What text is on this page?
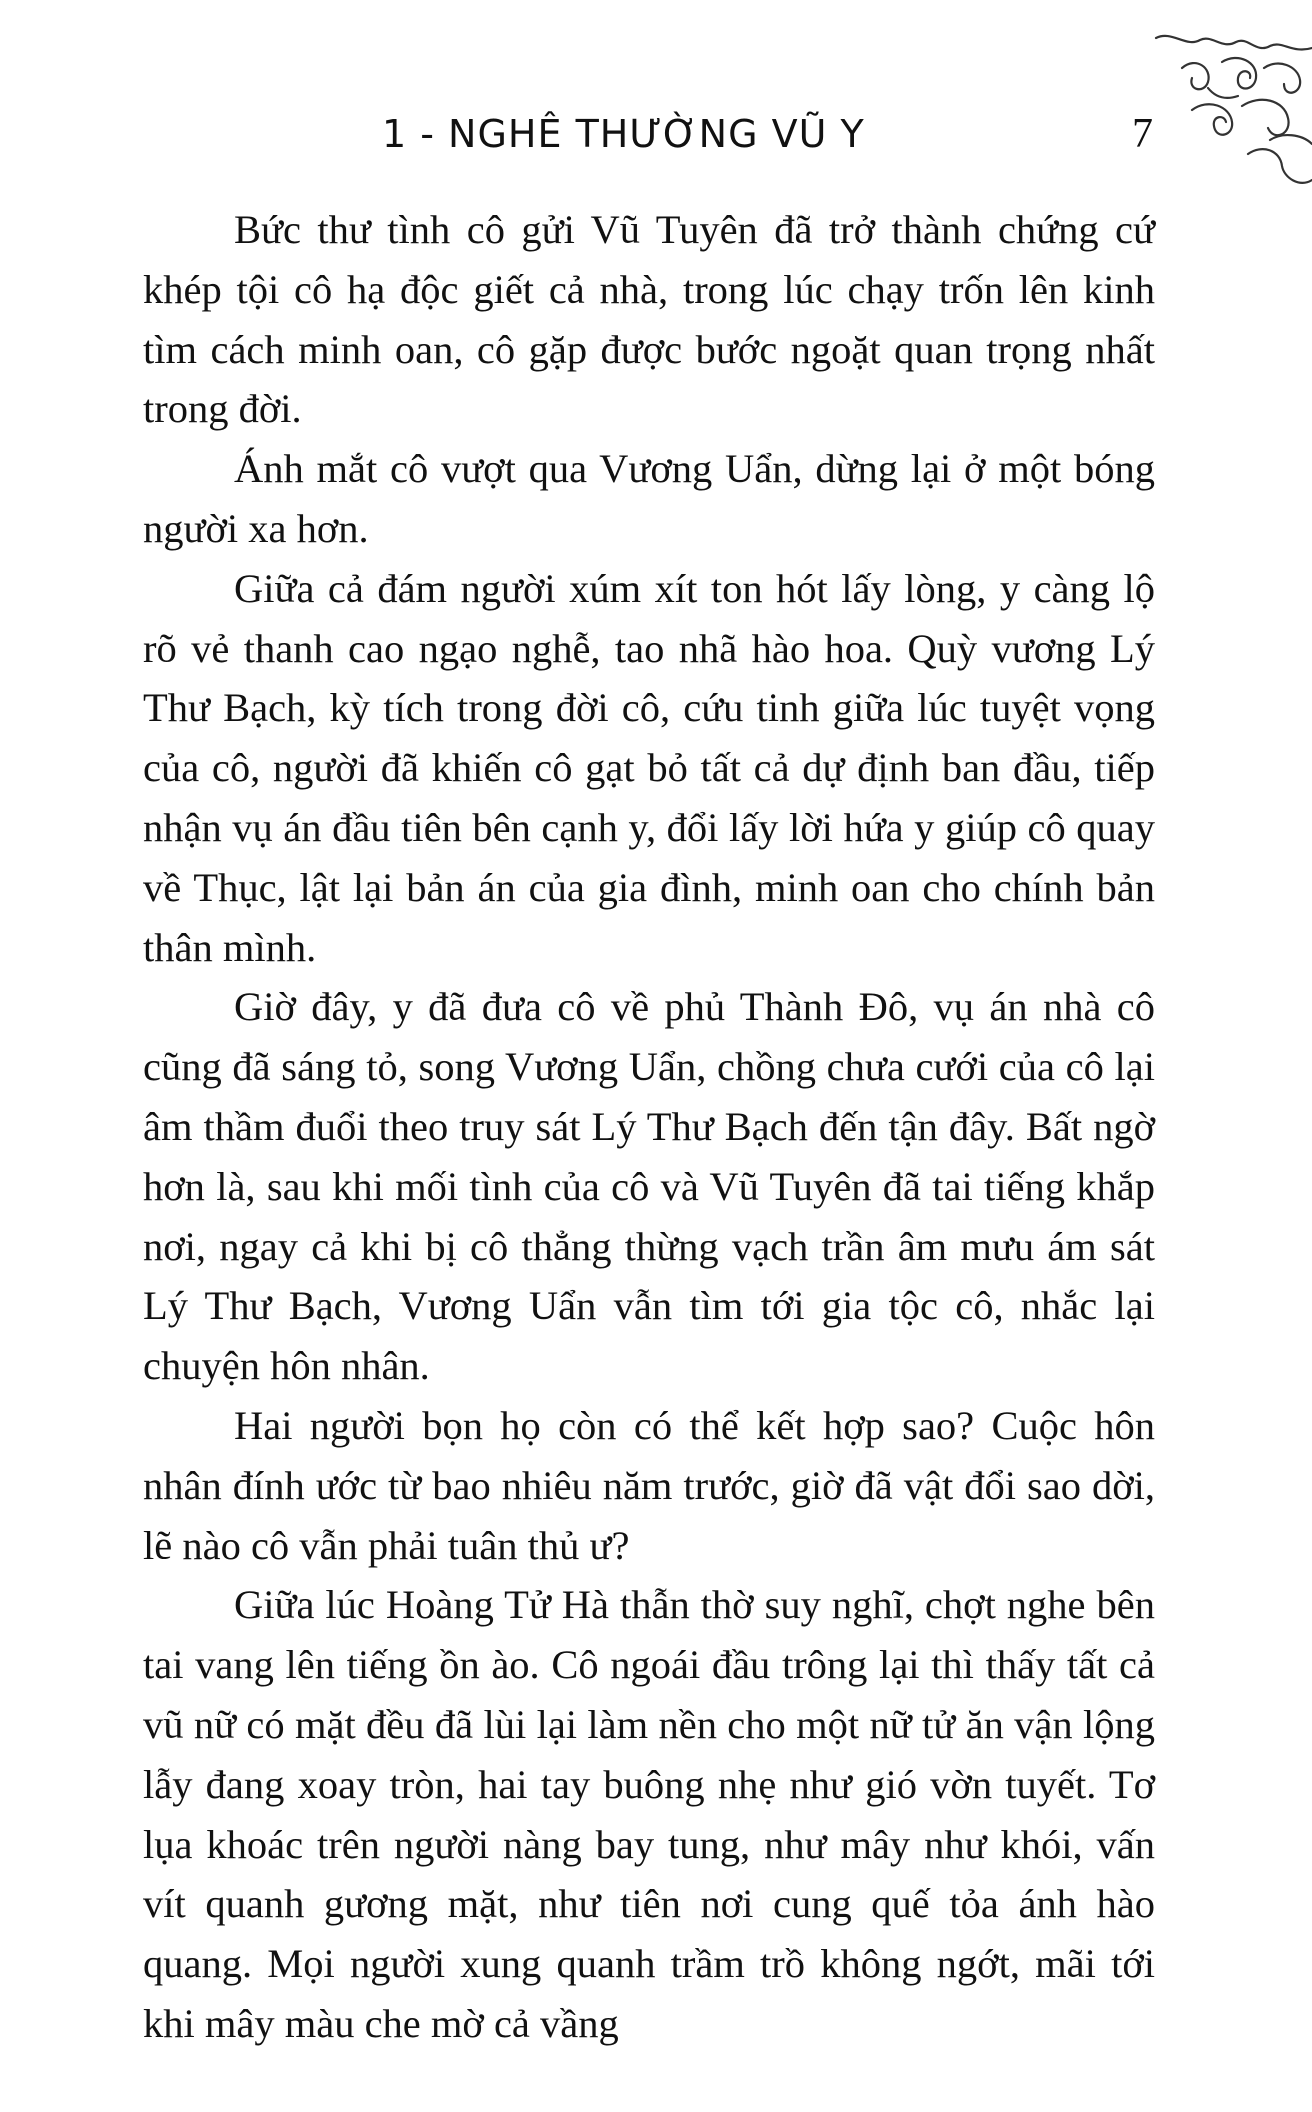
1 - NGHÊ THƯỜNG VŨ Y	7

Bức thư tình cô gửi Vũ Tuyên đã trở thành chứng cứ khép tội cô hạ độc giết cả nhà, trong lúc chạy trốn lên kinh tìm cách minh oan, cô gặp được bước ngoặt quan trọng nhất trong đời.

Ánh mắt cô vượt qua Vương Uẩn, dừng lại ở một bóng người xa hơn.

Giữa cả đám người xúm xít ton hót lấy lòng, y càng lộ rõ vẻ thanh cao ngạo nghễ, tao nhã hào hoa. Quỳ vương Lý Thư Bạch, kỳ tích trong đời cô, cứu tinh giữa lúc tuyệt vọng của cô, người đã khiến cô gạt bỏ tất cả dự định ban đầu, tiếp nhận vụ án đầu tiên bên cạnh y, đổi lấy lời hứa y giúp cô quay về Thục, lật lại bản án của gia đình, minh oan cho chính bản thân mình.

Giờ đây, y đã đưa cô về phủ Thành Đô, vụ án nhà cô cũng đã sáng tỏ, song Vương Uẩn, chồng chưa cưới của cô lại âm thầm đuổi theo truy sát Lý Thư Bạch đến tận đây. Bất ngờ hơn là, sau khi mối tình của cô và Vũ Tuyên đã tai tiếng khắp nơi, ngay cả khi bị cô thẳng thừng vạch trần âm mưu ám sát Lý Thư Bạch, Vương Uẩn vẫn tìm tới gia tộc cô, nhắc lại chuyện hôn nhân.

Hai người bọn họ còn có thể kết hợp sao? Cuộc hôn nhân đính ước từ bao nhiêu năm trước, giờ đã vật đổi sao dời, lẽ nào cô vẫn phải tuân thủ ư?

Giữa lúc Hoàng Tử Hà thẫn thờ suy nghĩ, chợt nghe bên tai vang lên tiếng ồn ào. Cô ngoái đầu trông lại thì thấy tất cả vũ nữ có mặt đều đã lùi lại làm nền cho một nữ tử ăn vận lộng lẫy đang xoay tròn, hai tay buông nhẹ như gió vờn tuyết. Tơ lụa khoác trên người nàng bay tung, như mây như khói, vấn vít quanh gương mặt, như tiên nơi cung quế tỏa ánh hào quang. Mọi người xung quanh trầm trồ không ngớt, mãi tới khi mây màu che mờ cả vầng
